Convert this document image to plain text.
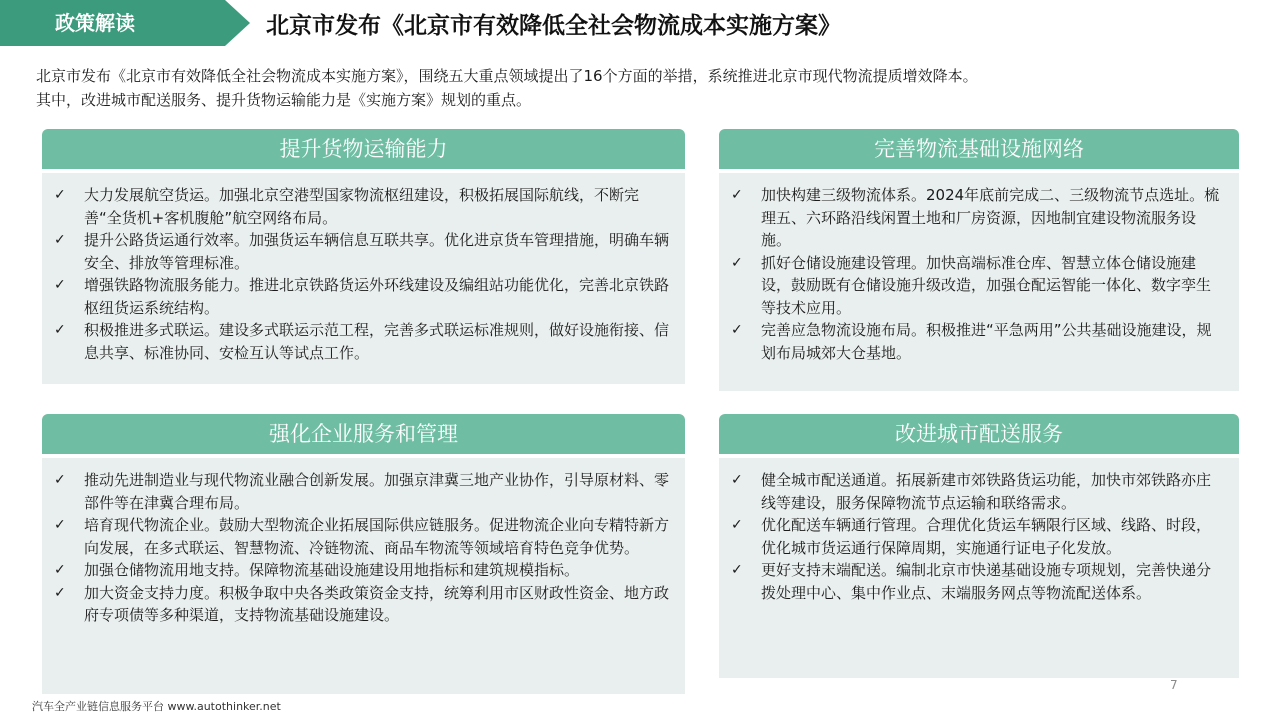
政策解读	北京市发布《北京市有效降低全社会物流成本实施方案》

北京市发布《北京市有效降低全社会物流成本实施方案》，围绕五大重点领域提出了16个方面的举措，系统推进北京市现代物流提质增效降本。

其中，改进城市配送服务、提升货物运输能力是《实施方案》规划的重点。

提升货物运输能力
✓	大力发展航空货运。加强北京空港型国家物流枢纽建设，积极拓展国际航线，不断完善“全货机+客机腹舱”航空网络布局。
✓	提升公路货运通行效率。加强货运车辆信息互联共享。优化进京货车管理措施，明确车辆安全、排放等管理标准。
✓	增强铁路物流服务能力。推进北京铁路货运外环线建设及编组站功能优化，完善北京铁路枢纽货运系统结构。
✓	积极推进多式联运。建设多式联运示范工程，完善多式联运标准规则，做好设施衔接、信息共享、标准协同、安检互认等试点工作。
完善物流基础设施网络
✓	加快构建三级物流体系。2024年底前完成二、三级物流节点选址。梳理五、六环路沿线闲置土地和厂房资源，因地制宜建设物流服务设施。
✓	抓好仓储设施建设管理。加快高端标准仓库、智慧立体仓储设施建设，鼓励既有仓储设施升级改造，加强仓配运智能一体化、数字孪生等技术应用。
✓	完善应急物流设施布局。积极推进“平急两用”公共基础设施建设，规划布局城郊大仓基地。
强化企业服务和管理
✓	推动先进制造业与现代物流业融合创新发展。加强京津冀三地产业协作，引导原材料、零部件等在津冀合理布局。
✓	培育现代物流企业。鼓励大型物流企业拓展国际供应链服务。促进物流企业向专精特新方向发展，在多式联运、智慧物流、冷链物流、商品车物流等领域培育特色竞争优势。
✓	加强仓储物流用地支持。保障物流基础设施建设用地指标和建筑规模指标。
✓	加大资金支持力度。积极争取中央各类政策资金支持，统筹利用市区财政性资金、地方政府专项债等多种渠道，支持物流基础设施建设。
改进城市配送服务
✓	健全城市配送通道。拓展新建市郊铁路货运功能，加快市郊铁路亦庄线等建设，服务保障物流节点运输和联络需求。
✓	优化配送车辆通行管理。合理优化货运车辆限行区域、线路、时段，优化城市货运通行保障周期，实施通行证电子化发放。
✓	更好支持末端配送。编制北京市快递基础设施专项规划，完善快递分拨处理中心、集中作业点、末端服务网点等物流配送体系。
7
汽车全产业链信息服务平台 www.autothinker.net
